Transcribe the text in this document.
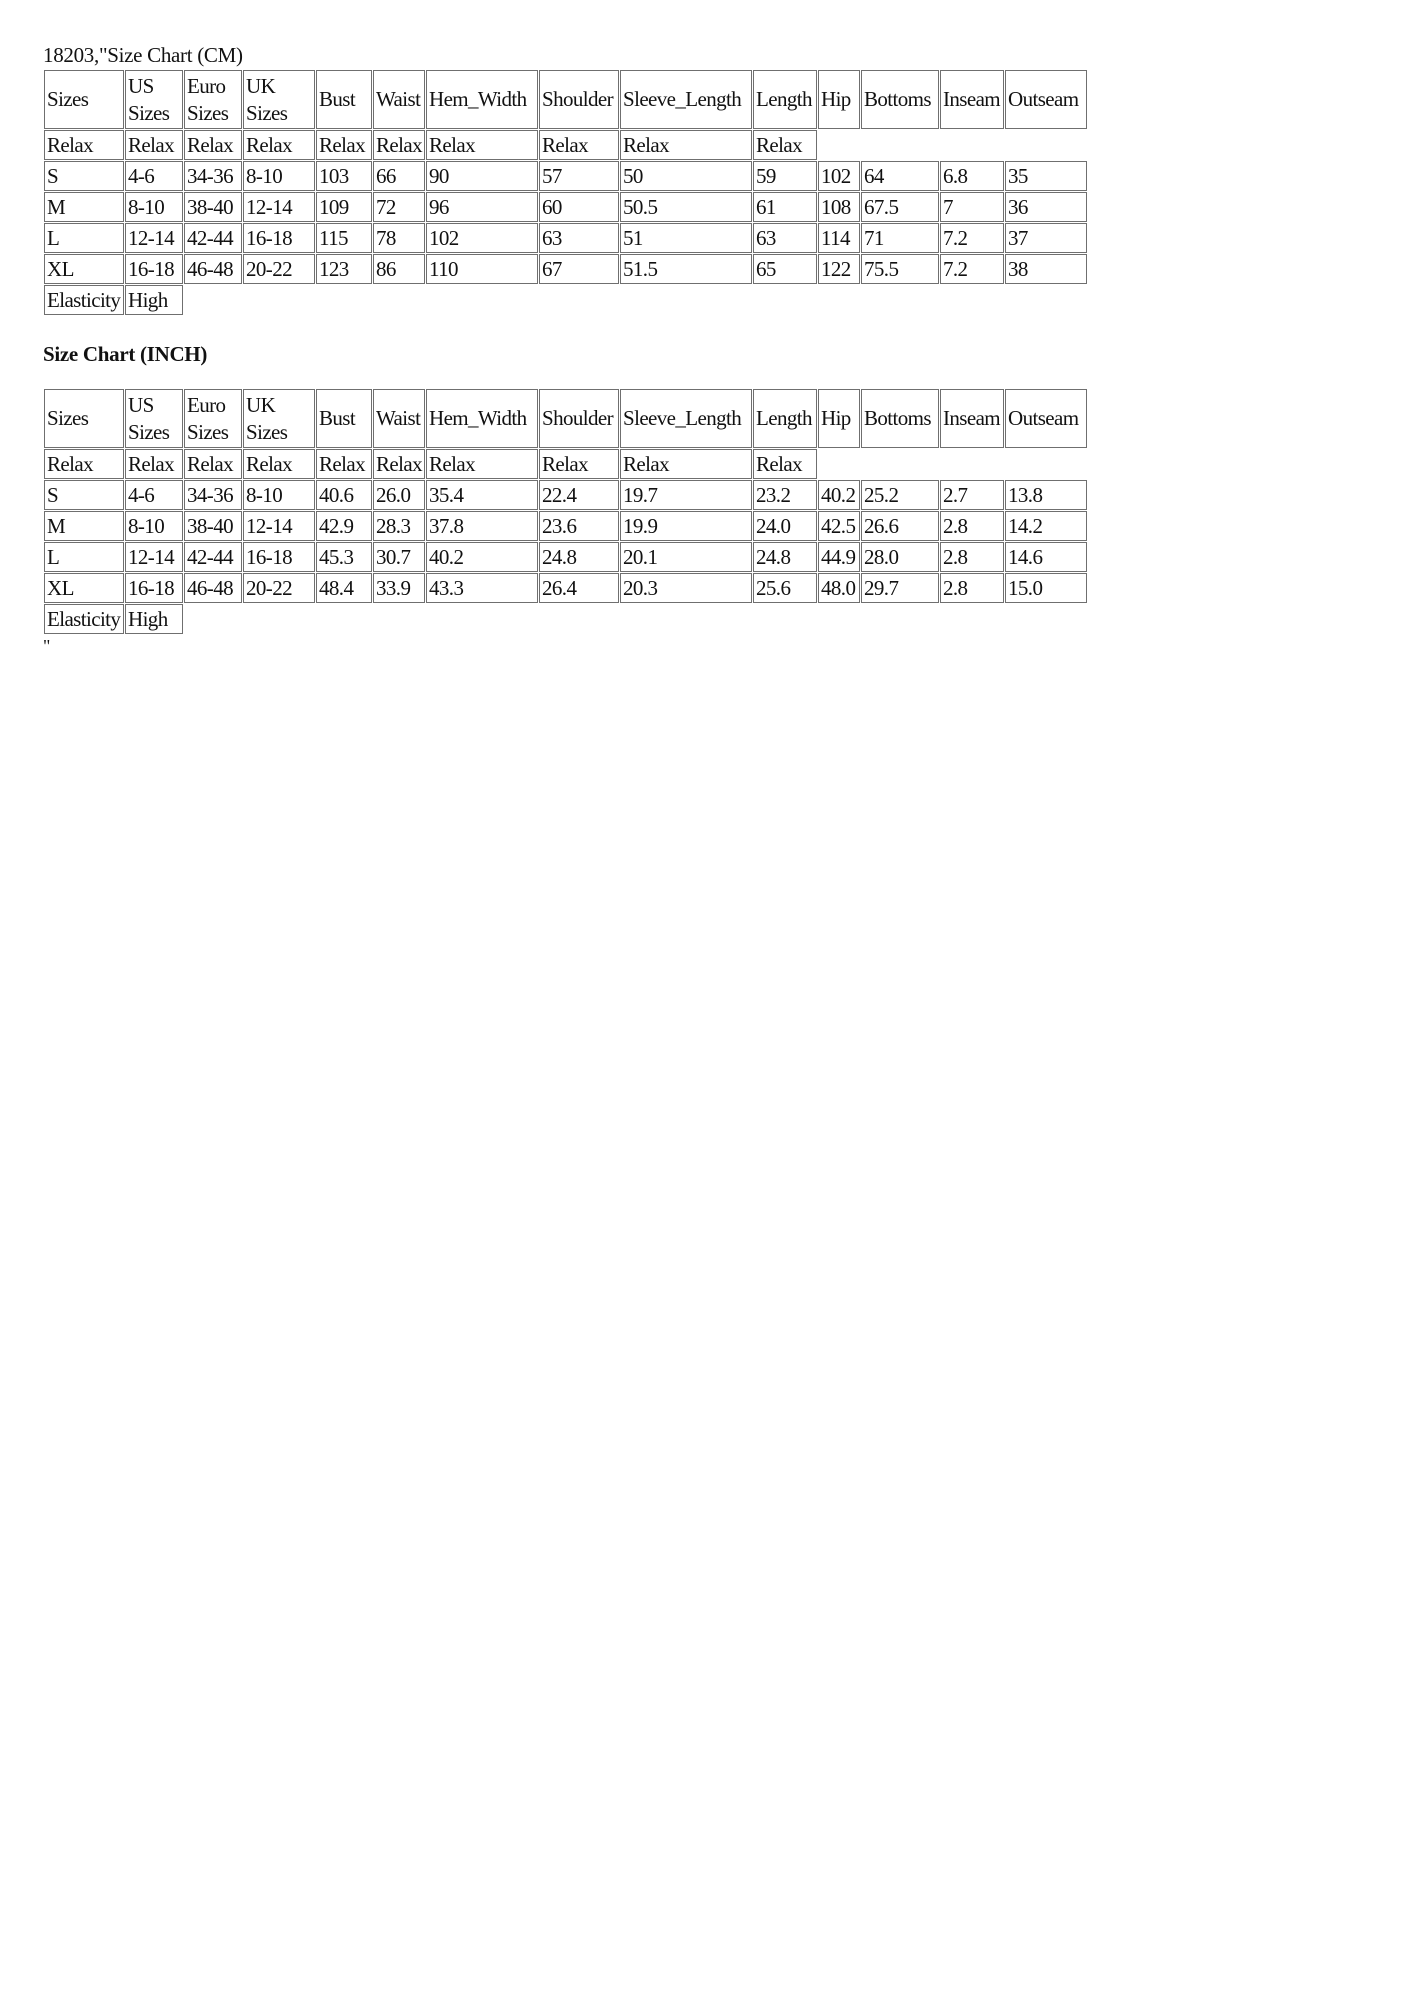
18203,"Size Chart (CM)
Sizes	US Sizes	Euro Sizes	UK Sizes	Bust	Waist	Hem_Width	Shoulder	Sleeve_Length	Length	Hip	Bottoms	Inseam	Outseam
Relax	Relax	Relax	Relax	Relax	Relax	Relax	Relax	Relax	Relax				
S	4-6	34-36	8-10	103	66	90	57	50	59	102	64	6.8	35
M	8-10	38-40	12-14	109	72	96	60	50.5	61	108	67.5	7	36
L	12-14	42-44	16-18	115	78	102	63	51	63	114	71	7.2	37
XL	16-18	46-48	20-22	123	86	110	67	51.5	65	122	75.5	7.2	38
Elasticity	High												
Size Chart (INCH)
Sizes	US Sizes	Euro Sizes	UK Sizes	Bust	Waist	Hem_Width	Shoulder	Sleeve_Length	Length	Hip	Bottoms	Inseam	Outseam
Relax	Relax	Relax	Relax	Relax	Relax	Relax	Relax	Relax	Relax				
S	4-6	34-36	8-10	40.6	26.0	35.4	22.4	19.7	23.2	40.2	25.2	2.7	13.8
M	8-10	38-40	12-14	42.9	28.3	37.8	23.6	19.9	24.0	42.5	26.6	2.8	14.2
L	12-14	42-44	16-18	45.3	30.7	40.2	24.8	20.1	24.8	44.9	28.0	2.8	14.6
XL	16-18	46-48	20-22	48.4	33.9	43.3	26.4	20.3	25.6	48.0	29.7	2.8	15.0
Elasticity	High												
"
